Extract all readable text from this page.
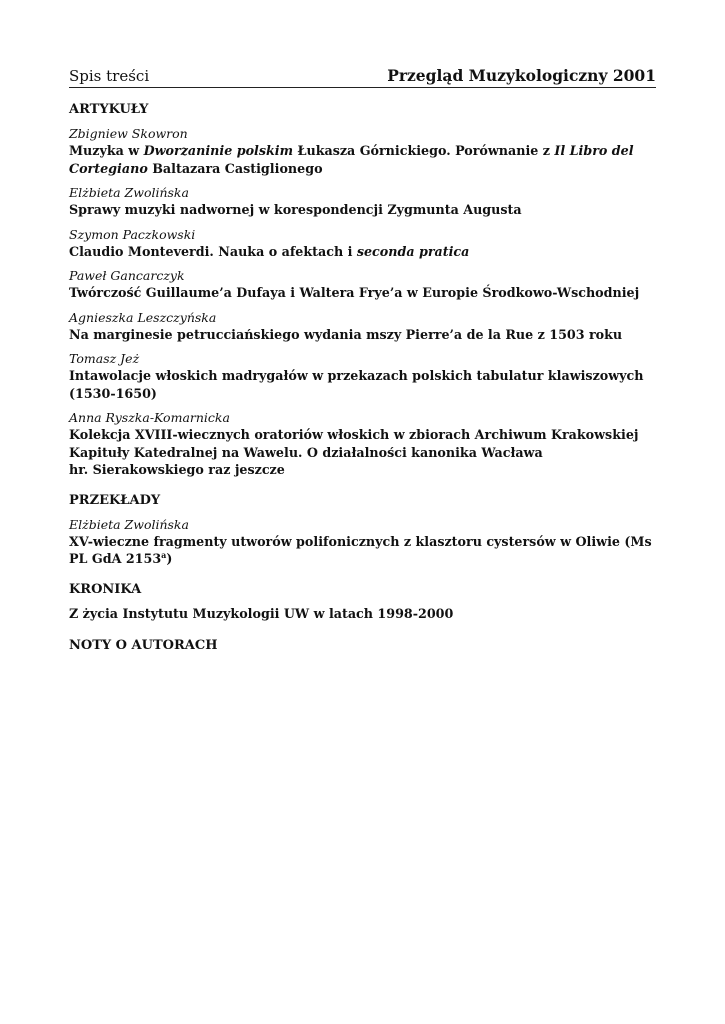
Spis treści	Przegląd Muzykologiczny 2001
ARTYKUŁY
Zbigniew Skowron
Muzyka w Dworzaninie polskim Łukasza Górnickiego. Porównanie z Il Libro del Cortegiano Baltazara Castiglionego
Elżbieta Zwolińska
Sprawy muzyki nadwornej w korespondencji Zygmunta Augusta
Szymon Paczkowski
Claudio Monteverdi. Nauka o afektach i seconda pratica
Paweł Gancarczyk
Twórczość Guillaume’a Dufaya i Waltera Frye’a w Europie Środkowo-Wschodniej
Agnieszka Leszczyńska
Na marginesie petrucciańskiego wydania mszy Pierre’a de la Rue z 1503 roku
Tomasz Jeż
Intawolacje włoskich madrygałów w przekazach polskich tabulatur klawiszowych (1530-1650)
Anna Ryszka-Komarnicka
Kolekcja XVIII-wiecznych oratoriów włoskich w zbiorach Archiwum Krakowskiej Kapituły Katedralnej na Wawelu. O działalności kanonika Wacława
hr. Sierakowskiego raz jeszcze
PRZEKŁADY
Elżbieta Zwolińska
XV-wieczne fragmenty utworów polifonicznych z klasztoru cystersów w Oliwie (Ms PL GdA 2153$^a$)
KRONIKA
Z życia Instytutu Muzykologii UW w latach 1998-2000
NOTY O AUTORACH
